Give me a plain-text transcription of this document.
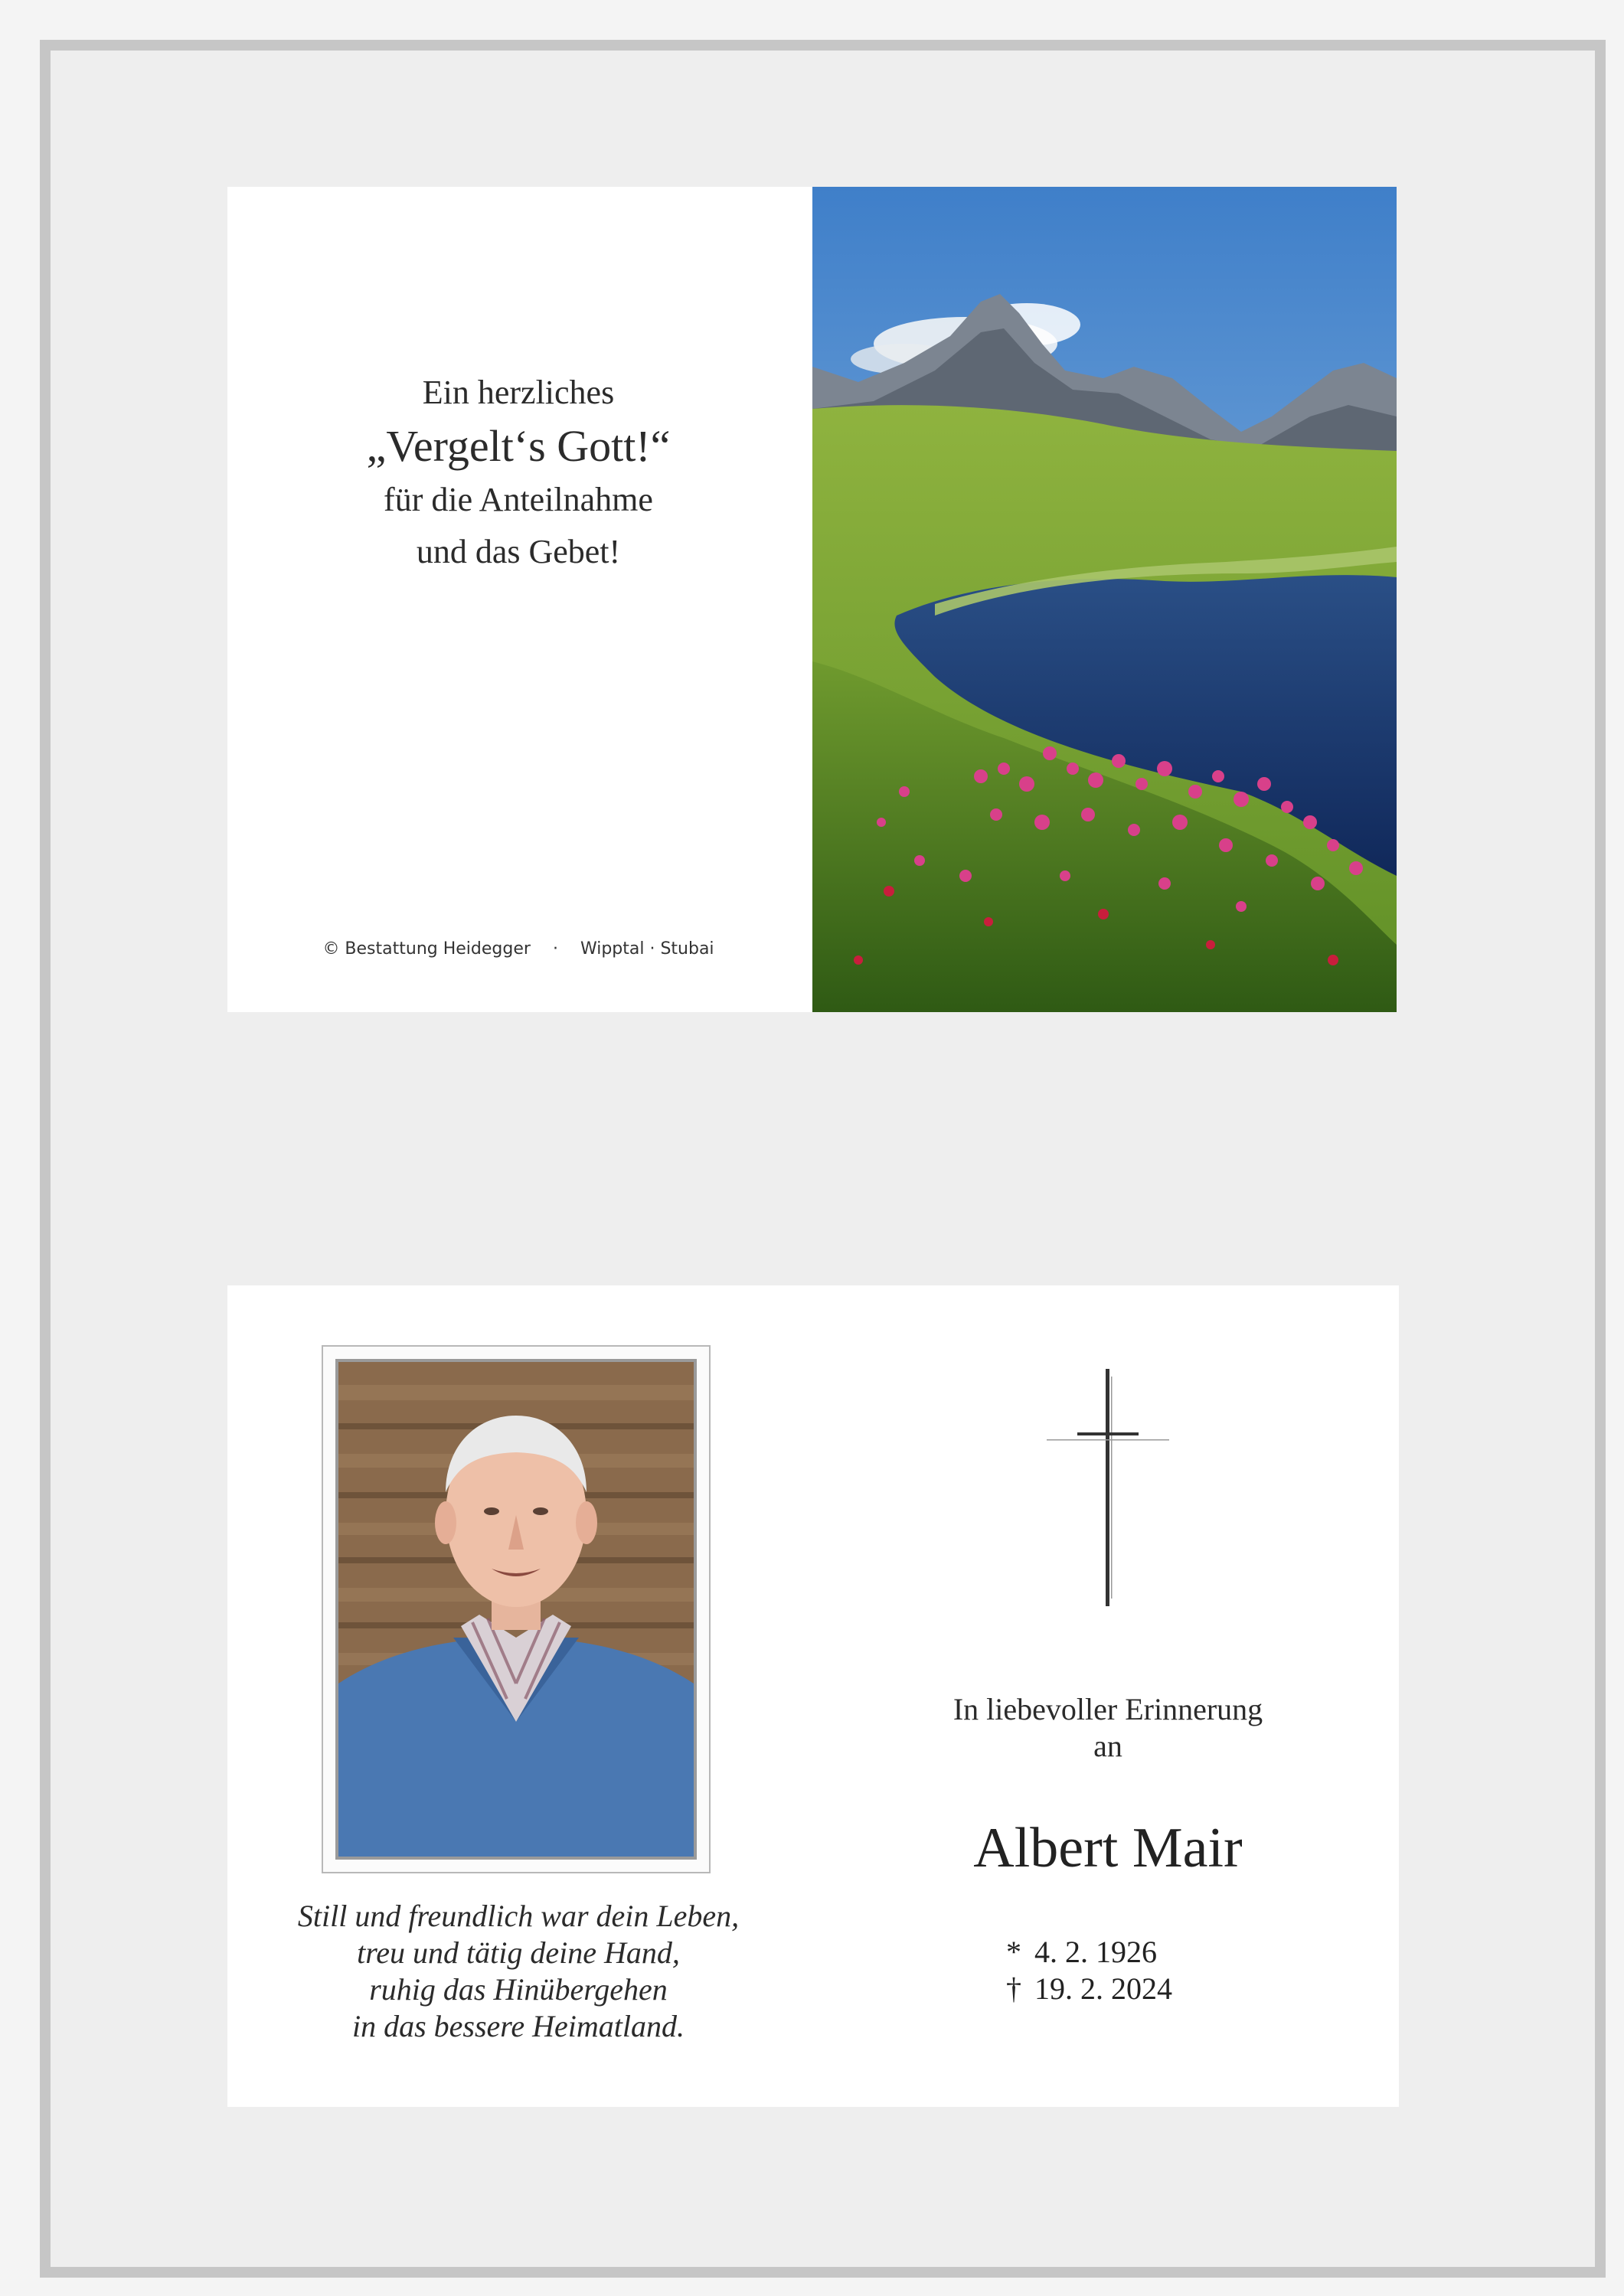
Ein herzliches
„Vergelt‘s Gott!“
für die Anteilnahme
und das Gebet!
© Bestattung Heidegger · Wipptal · Stubai
Still und freundlich war dein Leben,
treu und tätig deine Hand,
ruhig das Hinübergehen
in das bessere Heimatland.
In liebevoller Erinnerung
an
Albert Mair
* 4. 2. 1926
† 19. 2. 2024
